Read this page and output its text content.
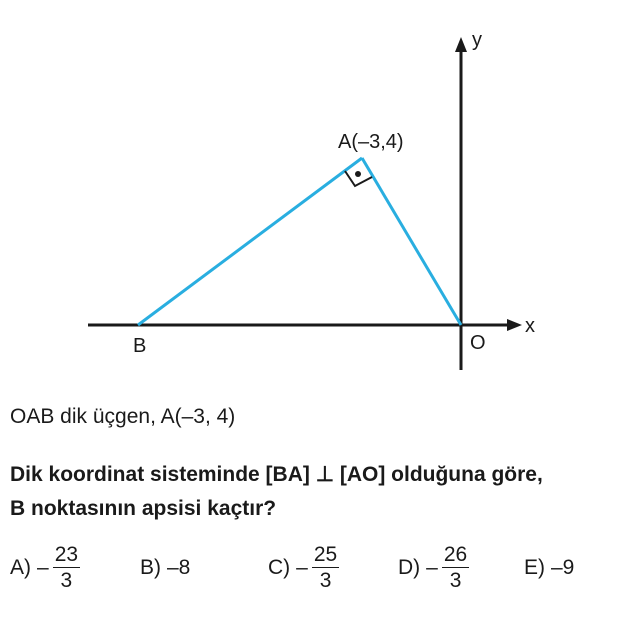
y
x
A(–3,4)
B	O
OAB dik üçgen, A(–3, 4)
Dik koordinat sisteminde [BA] ⊥ [AO] olduğuna göre,
B noktasının apsisi kaçtır?
$A) - \frac{23}{3}$	B) –8	$C) - \frac{25}{3}$	$D) - \frac{26}{3}$	E) –9
